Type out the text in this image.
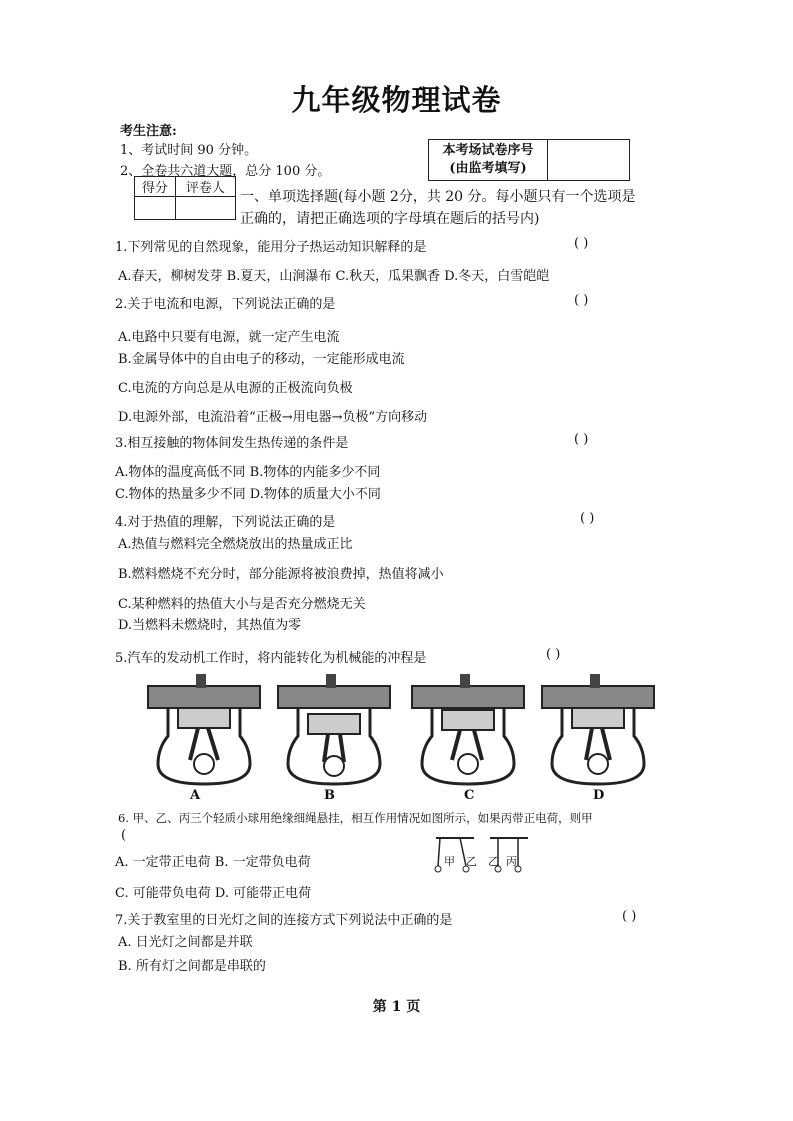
九年级物理试卷
考生注意:
1、考试时间 90 分钟。
2、全卷共六道大题，总分 100 分。
本考场试卷序号
(由监考填写)

得分	评卷人

一、单项选择题(每小题 2分，共 20 分。每小题只有一个选项是
正确的，请把正确选项的字母填在题后的括号内)
1.下列常见的自然现象，能用分子热运动知识解释的是	( )
A.春天，柳树发芽 B.夏天，山涧瀑布 C.秋天，瓜果飘香 D.冬天，白雪皑皑
2.关于电流和电源，下列说法正确的是	( )
A.电路中只要有电源，就一定产生电流
B.金属导体中的自由电子的移动，一定能形成电流
C.电流的方向总是从电源的正极流向负极
D.电源外部，电流沿着“正极→用电器→负极”方向移动
3.相互接触的物体间发生热传递的条件是	( )
A.物体的温度高低不同 B.物体的内能多少不同
C.物体的热量多少不同 D.物体的质量大小不同
4.对于热值的理解，下列说法正确的是	( )
A.热值与燃料完全燃烧放出的热量成正比
B.燃料燃烧不充分时，部分能源将被浪费掉，热值将减小
C.某种燃料的热值大小与是否充分燃烧无关
D.当燃料未燃烧时，其热值为零
5.汽车的发动机工作时，将内能转化为机械能的冲程是	( )
A	B	C	D
6. 甲、乙、丙三个轻质小球用绝缘细绳悬挂，相互作用情况如图所示，如果丙带正电荷，则甲
(
A. 一定带正电荷 B. 一定带负电荷
C. 可能带负电荷 D. 可能带正电荷
甲 乙 乙 丙
7.关于教室里的日光灯之间的连接方式下列说法中正确的是	( )
A. 日光灯之间都是并联
B. 所有灯之间都是串联的
第 1 页
